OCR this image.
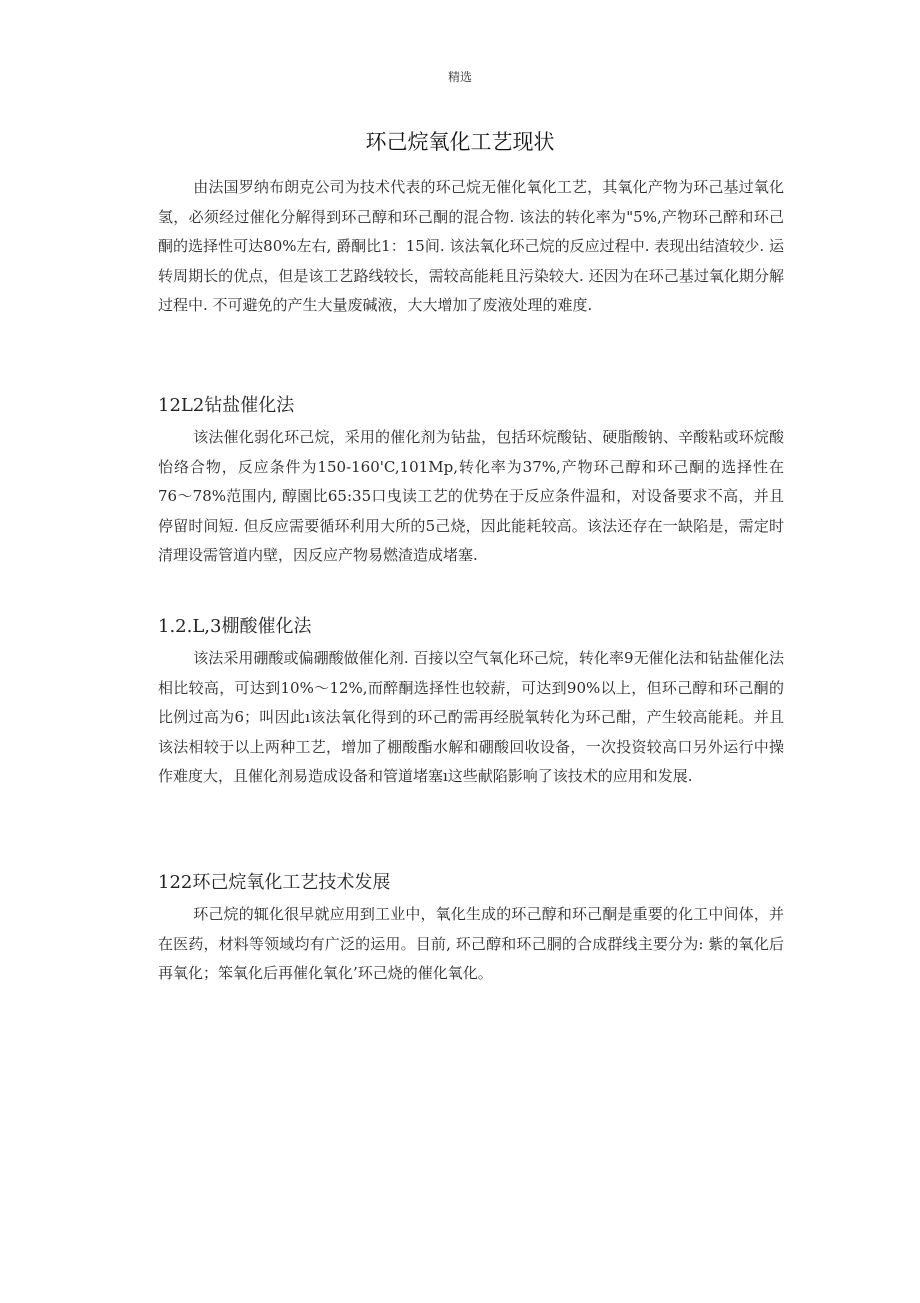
精选
环己烷氧化工艺现状

由法国罗纳布朗克公司为技术代表的环己烷无催化氧化工艺，其氧化产物为环己基过氧化氢，必须经过催化分解得到环己醇和环己酮的混合物. 该法的转化率为"5%,产物环己醉和环己酮的选择性可达80%左右, 爵酮比1：15间. 该法氧化环己烷的反应过程中. 表现出结渣较少. 运转周期长的优点，但是该工艺路线较长，需较高能耗且污染较大. 还因为在环己基过氧化期分解过程中. 不可避免的产生大量废碱液，大大增加了废液处理的难度.

12L2钻盐催化法

该法催化弱化环己烷，采用的催化剂为钻盐，包括环烷酸钻、硬脂酸钠、辛酸粘或环烷酸怡络合物，反应条件为150-160'C,101Mp,转化率为37%,产物环己醇和环己酮的选择性在76〜78%范围内, 醇園比65:35口曳读工艺的优势在于反应条件温和，对设备要求不高，并且停留时间短. 但反应需要循环利用大所的5己烧，因此能耗较高。该法还存在一缺陷是，需定时清理设需管道内壁，因反应产物易燃渣造成堵塞.

1.2.L,3棚酸催化法

该法采用硼酸或偏硼酸做催化剂. 百接以空气氧化环己烷，转化率9无催化法和钻盐催化法相比较高，可达到10%〜12%,而醉酮选择性也较薪，可达到90%以上，但环己醇和环己酮的比例过高为6；叫因此ı该法氧化得到的环己酌需再经脱氧转化为环己酣，产生较高能耗。并且该法相较于以上两种工艺，增加了棚酸酯水解和硼酸回收设备，一次投资较高口另外运行中操作难度大，且催化剂易造成设备和管道堵塞ı这些献陷影响了该技术的应用和发展.

122环己烷氧化工艺技术发展

环己烷的辄化很早就应用到工业中，氧化生成的环己醇和环己酮是重要的化工中间体，并在医药，材料等领域均有广泛的运用。目前, 环己醇和环己胴的合成群线主要分为: 紫的氧化后再氧化；笨氧化后再催化氧化’环己烧的催化氧化。
